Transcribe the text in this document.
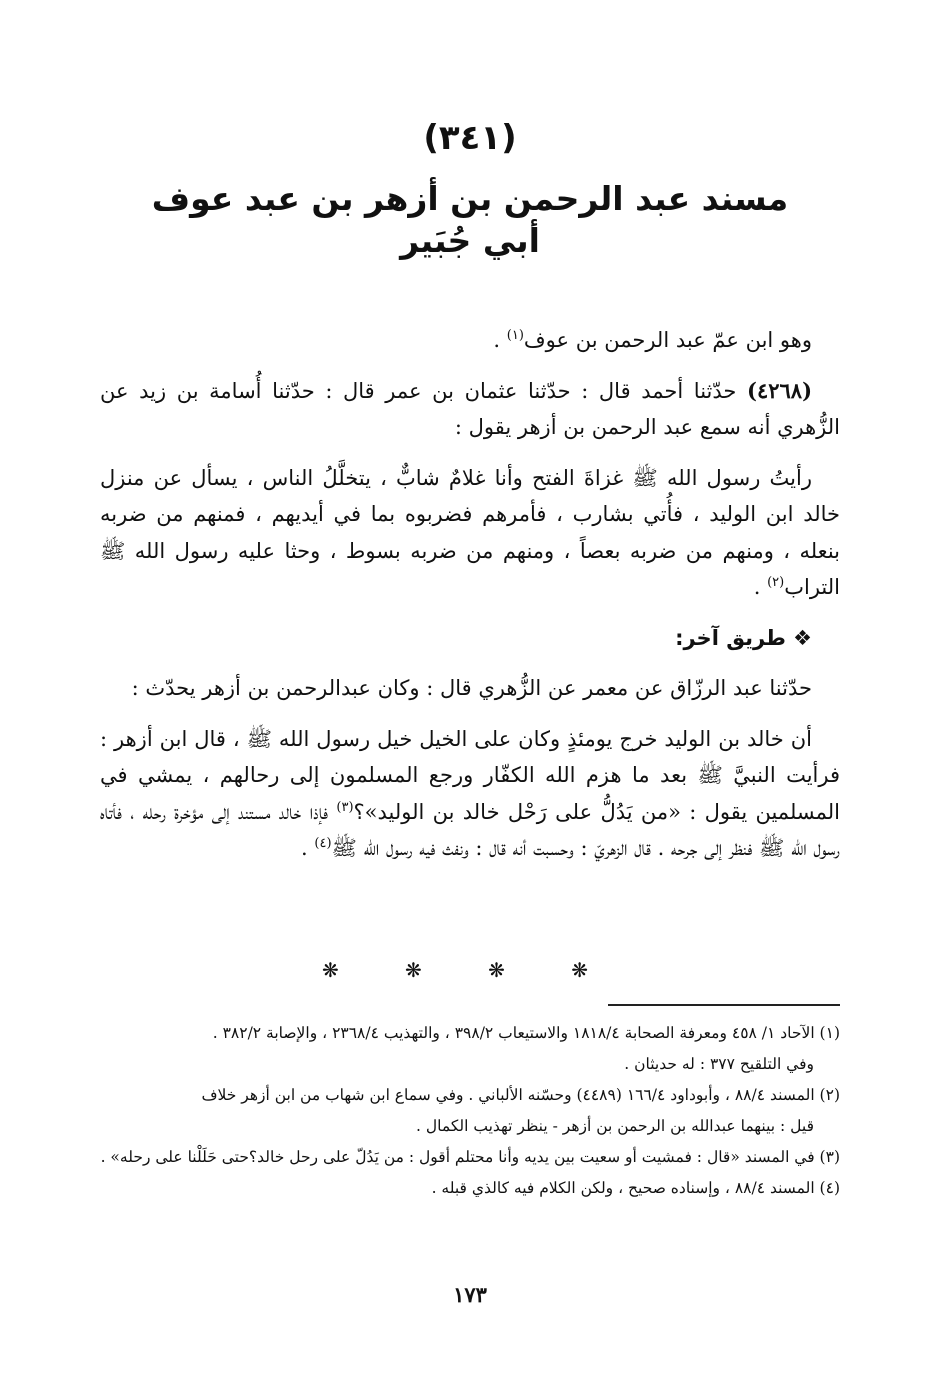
(٣٤١)
مسند عبد الرحمن بن أزهر بن عبد عوف
أبي جُبَير

وهو ابن عمّ عبد الرحمن بن عوف$^{(١)}$ .

(٤٢٦٨) حدّثنا أحمد قال : حدّثنا عثمان بن عمر قال : حدّثنا أُسامة بن زيد عن الزُّهري أنه سمع عبد الرحمن بن أزهر يقول :

رأيتُ رسول الله ﷺ غزاةَ الفتح وأنا غلامٌ شابٌّ ، يتخلَّلُ الناس ، يسأل عن منزل خالد ابن الوليد ، فأُتي بشارب ، فأمرهم فضربوه بما في أيديهم ، فمنهم من ضربه بنعله ، ومنهم من ضربه بعصاً ، ومنهم من ضربه بسوط ، وحثا عليه رسول الله ﷺ التراب$^{(٢)}$ .

❖ طريق آخر:

حدّثنا عبد الرزّاق عن معمر عن الزُّهري قال : وكان عبدالرحمن بن أزهر يحدّث :

أن خالد بن الوليد خرج يومئذٍ وكان على الخيل خيل رسول الله ﷺ ، قال ابن أزهر : فرأيت النبيَّ ﷺ بعد ما هزم الله الكفّار ورجع المسلمون إلى رحالهم ، يمشي في المسلمين يقول : «من يَدُلُّ على رَحْل خالد بن الوليد»؟$^{(٣)}$ فإذا خالد مستند إلى مؤخرة رحله ، فأتاه رسول الله ﷺ فنظر إلى جرحه . قال الزهريّ : وحسبت أنه قال : ونفث فيه رسول الله ﷺ$^{(٤)}$ .

❋ ❋ ❋ ❋

(١) الآحاد ١/ ٤٥٨ ومعرفة الصحابة ١٨١٨/٤ والاستيعاب ٣٩٨/٢ ، والتهذيب ٢٣٦٨/٤ ، والإصابة ٣٨٢/٢ .

وفي التلقيح ٣٧٧ : له حديثان .

(٢) المسند ٨٨/٤ ، وأبوداود ١٦٦/٤ (٤٤٨٩) وحسّنه الألباني . وفي سماع ابن شهاب من ابن أزهر خلاف

قيل : بينهما عبدالله بن الرحمن بن أزهر - ينظر تهذيب الكمال .

(٣) في المسند «قال : فمشيت أو سعيت بين يديه وأنا محتلم أقول : من يَدُلّ على رحل خالد؟حتى حَلَلْنا على رحله» .

(٤) المسند ٨٨/٤ ، وإسناده صحيح ، ولكن الكلام فيه كالذي قبله .

١٧٣
